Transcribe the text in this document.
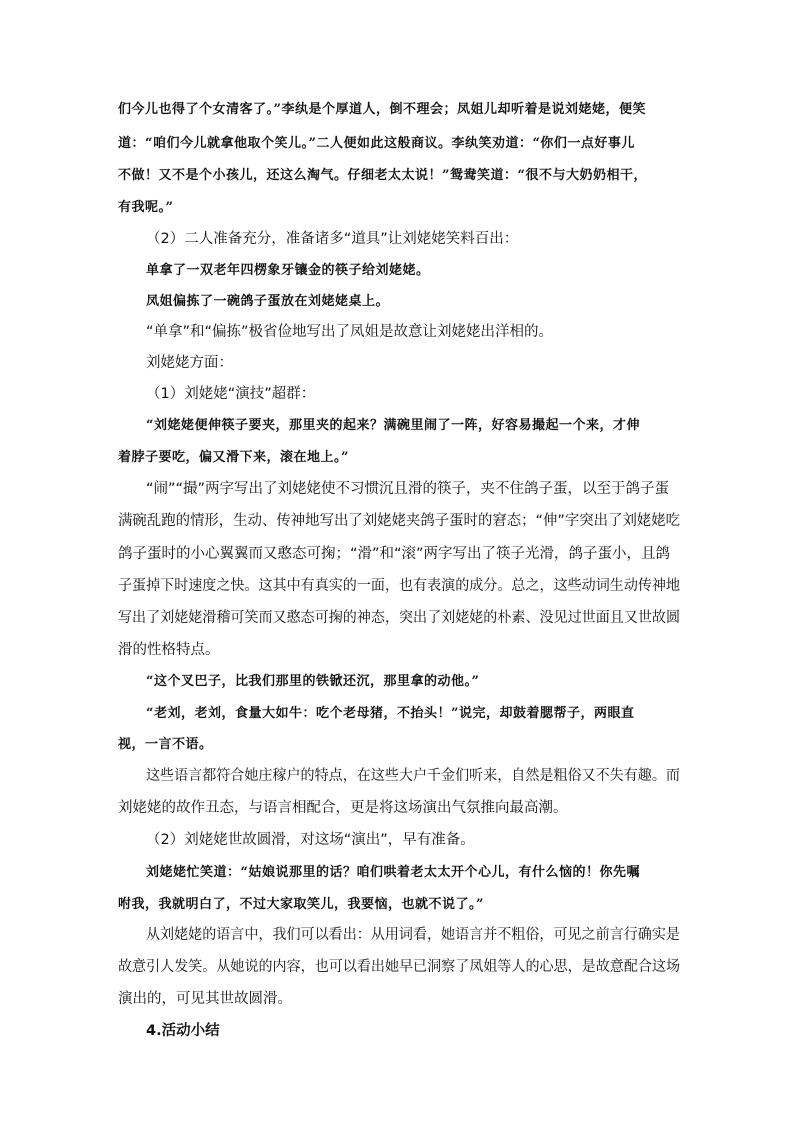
们今儿也得了个女清客了。”李纨是个厚道人，倒不理会；凤姐儿却听着是说刘姥姥，便笑
道：“咱们今儿就拿他取个笑儿。”二人便如此这般商议。李纨笑劝道：“你们一点好事儿
不做！又不是个小孩儿，还这么淘气。仔细老太太说！”鸳鸯笑道：“很不与大奶奶相干，
有我呢。”
（2）二人准备充分，准备诸多“道具”让刘姥姥笑料百出：
单拿了一双老年四楞象牙镶金的筷子给刘姥姥。
凤姐偏拣了一碗鸽子蛋放在刘姥姥桌上。
“单拿”和“偏拣”极省俭地写出了凤姐是故意让刘姥姥出洋相的。
刘姥姥方面：
（1）刘姥姥“演技”超群：
“刘姥姥便伸筷子要夹，那里夹的起来？满碗里闹了一阵，好容易撮起一个来，才伸
着脖子要吃，偏又滑下来，滚在地上。”
“闹”“撮”两字写出了刘姥姥使不习惯沉且滑的筷子，夹不住鸽子蛋，以至于鸽子蛋
满碗乱跑的情形，生动、传神地写出了刘姥姥夹鸽子蛋时的窘态；“伸”字突出了刘姥姥吃
鸽子蛋时的小心翼翼而又憨态可掬；“滑”和“滚”两字写出了筷子光滑，鸽子蛋小，且鸽
子蛋掉下时速度之快。这其中有真实的一面，也有表演的成分。总之，这些动词生动传神地
写出了刘姥姥滑稽可笑而又憨态可掬的神态，突出了刘姥姥的朴素、没见过世面且又世故圆
滑的性格特点。
“这个叉巴子，比我们那里的铁锨还沉，那里拿的动他。”
“老刘，老刘，食量大如牛：吃个老母猪，不抬头！”说完，却鼓着腮帮子，两眼直
视，一言不语。
这些语言都符合她庄稼户的特点，在这些大户千金们听来，自然是粗俗又不失有趣。而
刘姥姥的故作丑态，与语言相配合，更是将这场演出气氛推向最高潮。
（2）刘姥姥世故圆滑，对这场“演出”，早有准备。
刘姥姥忙笑道：“姑娘说那里的话？咱们哄着老太太开个心儿，有什么恼的！你先嘱
咐我，我就明白了，不过大家取笑儿，我要恼，也就不说了。”
从刘姥姥的语言中，我们可以看出：从用词看，她语言并不粗俗，可见之前言行确实是
故意引人发笑。从她说的内容，也可以看出她早已洞察了凤姐等人的心思，是故意配合这场
演出的，可见其世故圆滑。
4.活动小结
